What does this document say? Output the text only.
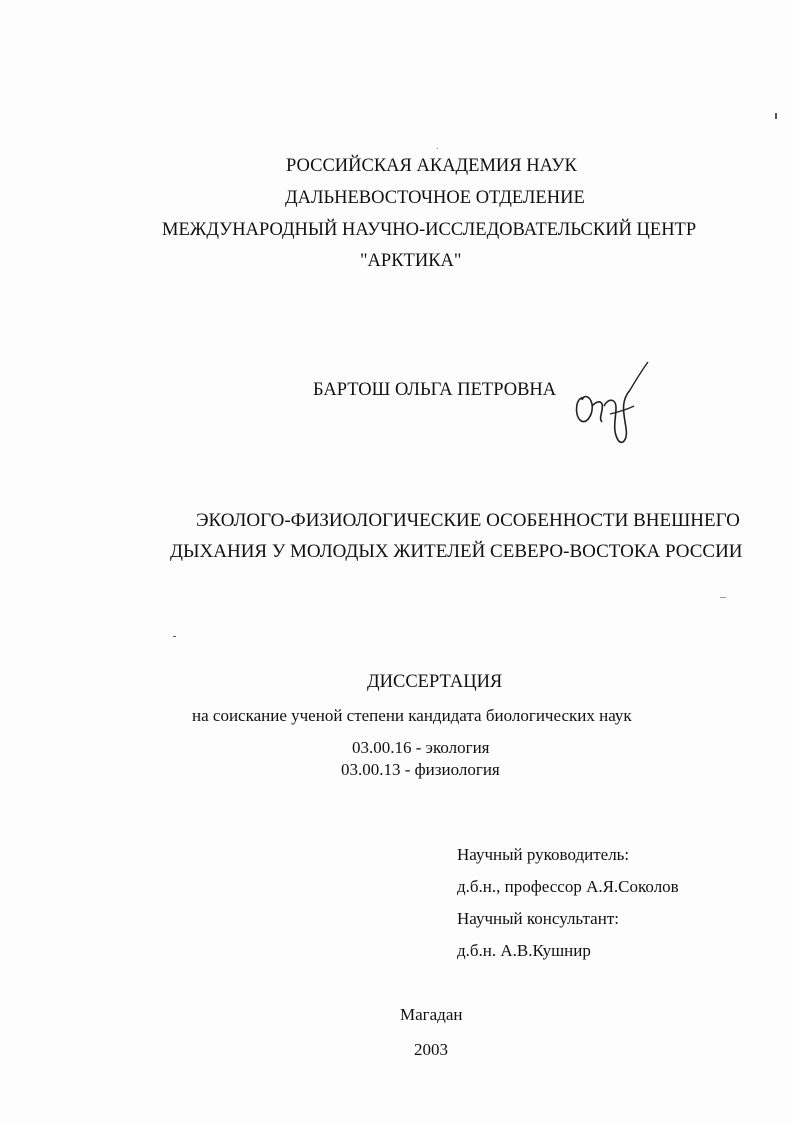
РОССИЙСКАЯ АКАДЕМИЯ НАУК
ДАЛЬНЕВОСТОЧНОЕ ОТДЕЛЕНИЕ
МЕЖДУНАРОДНЫЙ НАУЧНО-ИССЛЕДОВАТЕЛЬСКИЙ ЦЕНТР
"АРКТИКА"
БАРТОШ ОЛЬГА ПЕТРОВНА
ЭКОЛОГО-ФИЗИОЛОГИЧЕСКИЕ ОСОБЕННОСТИ ВНЕШНЕГО
ДЫХАНИЯ У МОЛОДЫХ ЖИТЕЛЕЙ СЕВЕРО-ВОСТОКА РОССИИ
ДИССЕРТАЦИЯ
на соискание ученой степени кандидата биологических наук
03.00.16 - экология
03.00.13 - физиология
Научный руководитель:
д.б.н., профессор А.Я.Соколов
Научный консультант:
д.б.н. А.В.Кушнир
Магадан
2003
